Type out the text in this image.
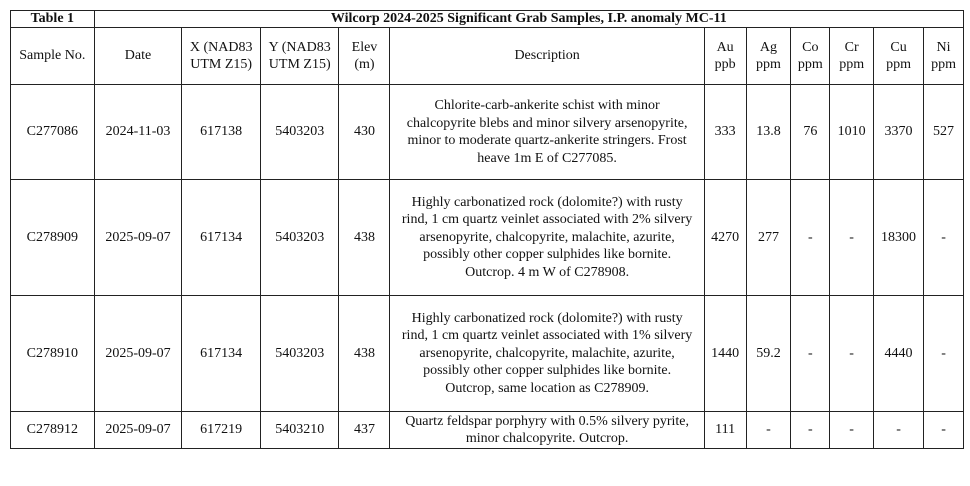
Table 1	Wilcorp 2024-2025 Significant Grab Samples, I.P. anomaly MC-11										
Sample No.	Date	X (NAD83 UTM Z15)	Y (NAD83 UTM Z15)	Elev (m)	Description	Au ppb	Ag ppm	Co ppm	Cr ppm	Cu ppm	Ni ppm
C277086	2024-11-03	617138	5403203	430	Chlorite-carb-ankerite schist with minor chalcopyrite blebs and minor silvery arsenopyrite, minor to moderate quartz-ankerite stringers. Frost heave 1m E of C277085.	333	13.8	76	1010	3370	527
C278909	2025-09-07	617134	5403203	438	Highly carbonatized rock (dolomite?) with rusty rind, 1 cm quartz veinlet associated with 2% silvery arsenopyrite, chalcopyrite, malachite, azurite, possibly other copper sulphides like bornite. Outcrop. 4 m W of C278908.	4270	277	-	-	18300	-
C278910	2025-09-07	617134	5403203	438	Highly carbonatized rock (dolomite?) with rusty rind, 1 cm quartz veinlet associated with 1% silvery arsenopyrite, chalcopyrite, malachite, azurite, possibly other copper sulphides like bornite. Outcrop, same location as C278909.	1440	59.2	-	-	4440	-
C278912	2025-09-07	617219	5403210	437	Quartz feldspar porphyry with 0.5% silvery pyrite, minor chalcopyrite. Outcrop.	111	-	-	-	-	-
